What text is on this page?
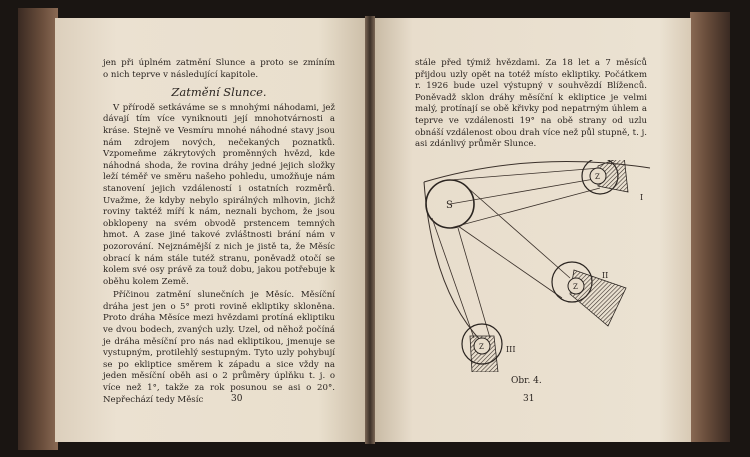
jen při úplném zatmění Slunce a proto se zmíním

o nich teprve v následující kapitole.

Zatmění Slunce.

V přírodě setkáváme se s mnohými náhodami, jež dávají tím více vyniknouti její mnohotvárnosti a kráse. Stejně ve Vesmíru mnohé náhodné stavy jsou nám zdrojem nových, nečekaných poznatků. Vzpomeňme zákrytových proměnných hvězd, kde náhodná shoda, že rovina dráhy jedné jejich složky leží téměř ve směru našeho pohledu, umožňuje nám stanovení jejich vzdáleností i ostatních rozměrů. Uvažme, že kdyby nebylo spirálných mlhovin, jichž roviny taktéž míří k nám, neznali bychom, že jsou obklopeny na svém obvodě prstencem temných hmot. A zase jiné takové zvláštnosti brání nám v pozorování. Nejznámější z nich je jistě ta, že Měsíc obrací k nám stále tutéž stranu, poněvadž otočí se kolem své osy právě za touž dobu, jakou potřebuje k oběhu kolem Země.

Příčinou zatmění slunečních je Měsíc. Měsíční dráha jest jen o 5° proti rovině ekliptiky skloněna. Proto dráha Měsíce mezi hvězdami protíná ekliptiku ve dvou bodech, zvaných uzly. Uzel, od něhož počíná je dráha měsíční pro nás nad ekliptikou, jmenuje se vystupným, protilehlý sestupným. Tyto uzly pohybují se po ekliptice směrem k západu a sice vždy na jeden měsíční oběh asi o 2 průměry úplňku t. j. o více než 1°, takže za rok posunou se asi o 20°. Nepřechází tedy Měsíc	30

stále před týmiž hvězdami. Za 18 let a 7 měsíců přijdou uzly opět na totéž místo ekliptiky. Počátkem r. 1926 bude uzel výstupný v souhvězdí Blíženců. Poněvadž sklon dráhy měsíční k ekliptice je velmi malý, protínají se obě křivky pod nepatrným úhlem a teprve ve vzdálenosti 19° na obě strany od uzlu obnáší vzdálenost obou drah více než půl stupně, t. j. asi zdánlivý průměr Slunce.

Obr. 4.
31
S
Z
I
Z
II
Z	III
